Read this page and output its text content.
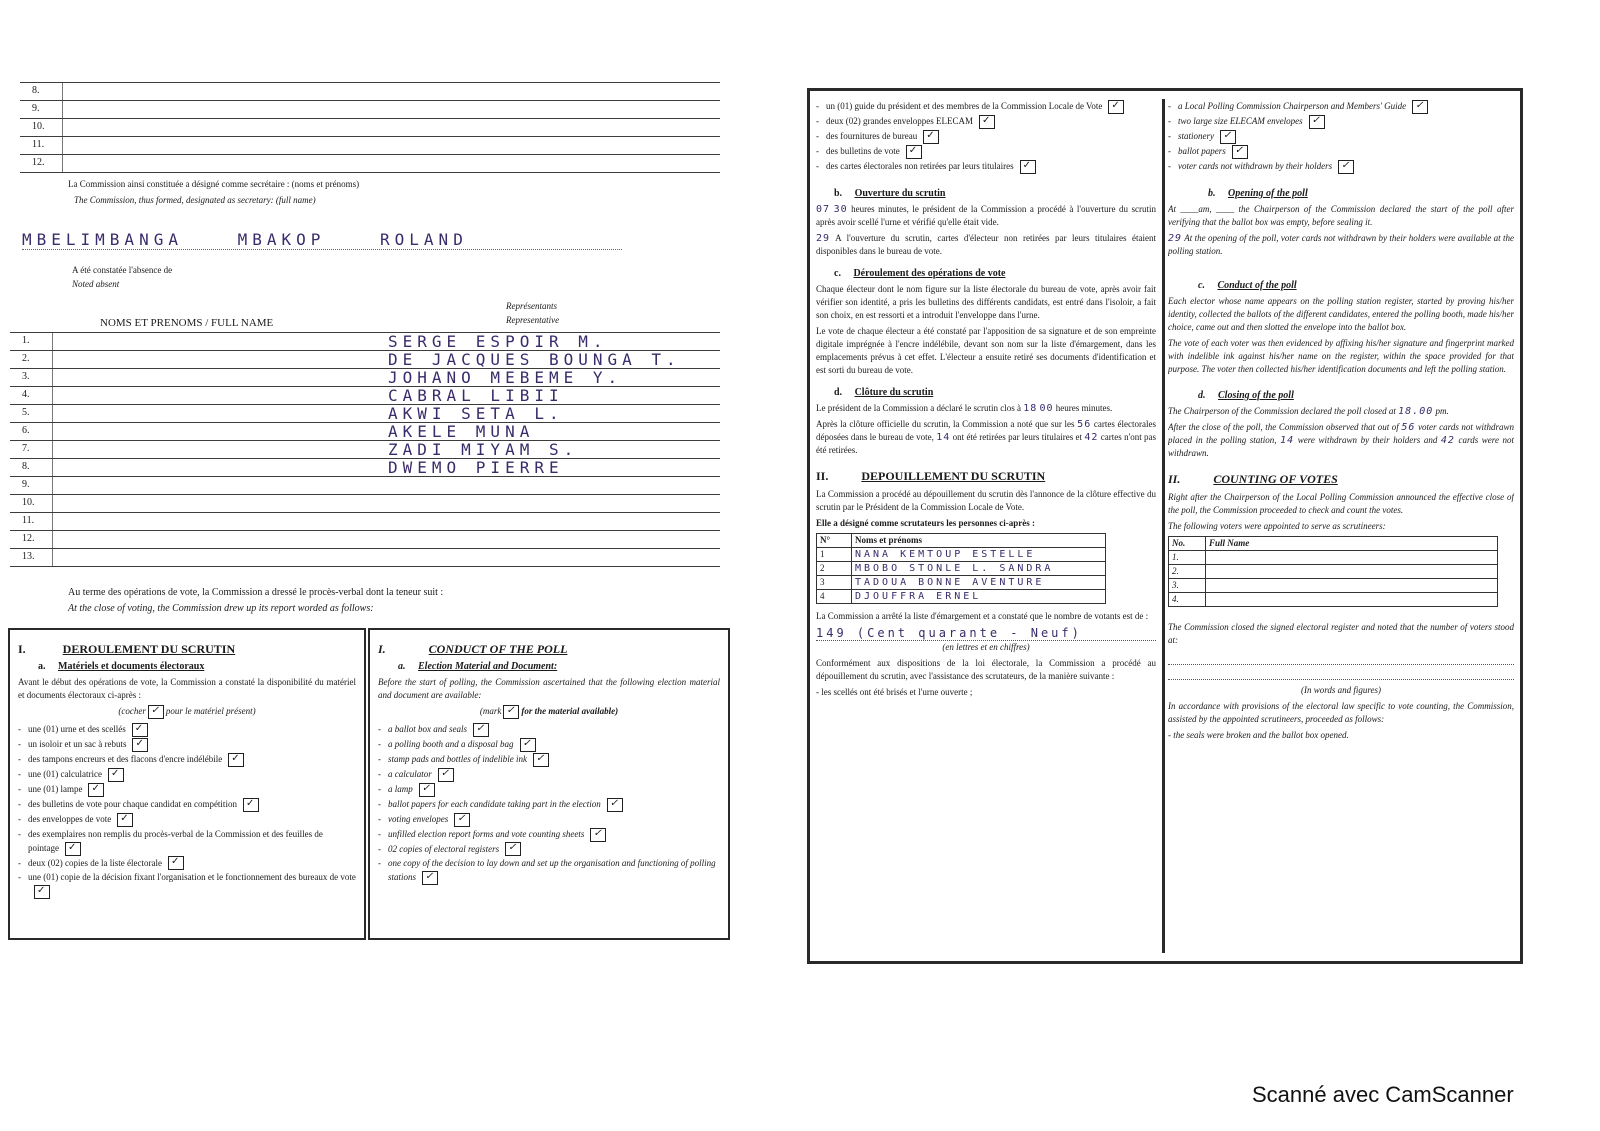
8.
9.
10.
11.
12.
La Commission ainsi constituée a désigné comme secrétaire : (noms et prénoms)
The Commission, thus formed, designated as secretary: (full name)
MBELIMBANGA MBAKOP ROLAND
A été constatée l'absence de
Noted absent
Représentants
Representative
NOMS ET PRENOMS / FULL NAME
1.	SERGE ESPOIR M.
2.	DE JACQUES BOUNGA T.
3.	JOHANO MEBEME Y.
4.	CABRAL LIBII
5.	AKWI SETA L.
6.	AKELE MUNA
7.	ZADI MIYAM S.
8.	DWEMO PIERRE
9.
10.
11.
12.
13.
Au terme des opérations de vote, la Commission a dressé le procès-verbal dont la teneur suit :
At the close of voting, the Commission drew up its report worded as follows:
I.	DEROULEMENT DU SCRUTIN
a. Matériels et documents électoraux

Avant le début des opérations de vote, la Commission a constaté la disponibilité du matériel et documents électoraux ci-après :

(cocher ✓ pour le matériel présent)
- une (01) urne et des scellés ✓
- un isoloir et un sac à rebuts ✓
- des tampons encreurs et des flacons d'encre indélébile ✓
- une (01) calculatrice ✓
- une (01) lampe ✓
- des bulletins de vote pour chaque candidat en compétition ✓
- des enveloppes de vote ✓
- des exemplaires non remplis du procès-verbal de la Commission et des feuilles de pointage ✓
- deux (02) copies de la liste électorale ✓
- une (01) copie de la décision fixant l'organisation et le fonctionnement des bureaux de vote
✓
I.	CONDUCT OF THE POLL
a. Election Material and Document:

Before the start of polling, the Commission ascertained that the following election material and document are available:

(mark ✓ for the material available)
- a ballot box and seals ✓
- a polling booth and a disposal bag ✓
- stamp pads and bottles of indelible ink ✓
- a calculator ✓
- a lamp ✓
- ballot papers for each candidate taking part in the election ✓
- voting envelopes ✓
- unfilled election report forms and vote counting sheets ✓
- 02 copies of electoral registers ✓
- one copy of the decision to lay down and set up the organisation and functioning of polling stations ✓
- un (01) guide du président et des membres de la Commission Locale de Vote ✓
- deux (02) grandes enveloppes ELECAM ✓
- des fournitures de bureau ✓
- des bulletins de vote ✓
- des cartes électorales non retirées par leurs titulaires ✓
b. Ouverture du scrutin

07 30 heures minutes, le président de la Commission a procédé à l'ouverture du scrutin après avoir scellé l'urne et vérifié qu'elle était vide.

29 A l'ouverture du scrutin, cartes d'électeur non retirées par leurs titulaires étaient disponibles dans le bureau de vote.

c. Déroulement des opérations de vote

Chaque électeur dont le nom figure sur la liste électorale du bureau de vote, après avoir fait vérifier son identité, a pris les bulletins des différents candidats, est entré dans l'isoloir, a fait son choix, en est ressorti et a introduit l'enveloppe dans l'urne.

Le vote de chaque électeur a été constaté par l'apposition de sa signature et de son empreinte digitale imprégnée à l'encre indélébile, devant son nom sur la liste d'émargement, dans les emplacements prévus à cet effet. L'électeur a ensuite retiré ses documents d'identification et est sorti du bureau de vote.

d. Clôture du scrutin

Le président de la Commission a déclaré le scrutin clos à 18 00 heures minutes.

Après la clôture officielle du scrutin, la Commission a noté que sur les 56 cartes électorales déposées dans le bureau de vote, 14 ont été retirées par leurs titulaires et 42 cartes n'ont pas été retirées.

II.	DEPOUILLEMENT DU SCRUTIN

La Commission a procédé au dépouillement du scrutin dès l'annonce de la clôture effective du scrutin par le Président de la Commission Locale de Vote.

Elle a désigné comme scrutateurs les personnes ci-après :

N°	Noms et prénoms
1	NANA KEMTOUP ESTELLE
2	MBOBO STONLE L. SANDRA
3	TADOUA BONNE AVENTURE
4	DJOUFFRA ERNEL

La Commission a arrêté la liste d'émargement et a constaté que le nombre de votants est de :

149 (Cent quarante - Neuf)
(en lettres et en chiffres)

Conformément aux dispositions de la loi électorale, la Commission a procédé au dépouillement du scrutin, avec l'assistance des scrutateurs, de la manière suivante :

- les scellés ont été brisés et l'urne ouverte ;

- a Local Polling Commission Chairperson and Members' Guide ✓
- two large size ELECAM envelopes ✓
- stationery ✓
- ballot papers ✓
- voter cards not withdrawn by their holders ✓
b. Opening of the poll

At ____am, ____ the Chairperson of the Commission declared the start of the poll after verifying that the ballot box was empty, before sealing it.

29 At the opening of the poll, voter cards not withdrawn by their holders were available at the polling station.

c. Conduct of the poll

Each elector whose name appears on the polling station register, started by proving his/her identity, collected the ballots of the different candidates, entered the polling booth, made his/her choice, came out and then slotted the envelope into the ballot box.

The vote of each voter was then evidenced by affixing his/her signature and fingerprint marked with indelible ink against his/her name on the register, within the space provided for that purpose. The voter then collected his/her identification documents and left the polling station.

d. Closing of the poll

The Chairperson of the Commission declared the poll closed at 18.00 pm.

After the close of the poll, the Commission observed that out of 56 voter cards not withdrawn placed in the polling station, 14 were withdrawn by their holders and 42 cards were not withdrawn.

II.	COUNTING OF VOTES

Right after the Chairperson of the Local Polling Commission announced the effective close of the poll, the Commission proceeded to check and count the votes.

The following voters were appointed to serve as scrutineers:

No.	Full Name
1.	
2.	
3.	
4.	

The Commission closed the signed electoral register and noted that the number of voters stood at:

(In words and figures)

In accordance with provisions of the electoral law specific to vote counting, the Commission, assisted by the appointed scrutineers, proceeded as follows:

- the seals were broken and the ballot box opened.

Scanné avec CamScanner
